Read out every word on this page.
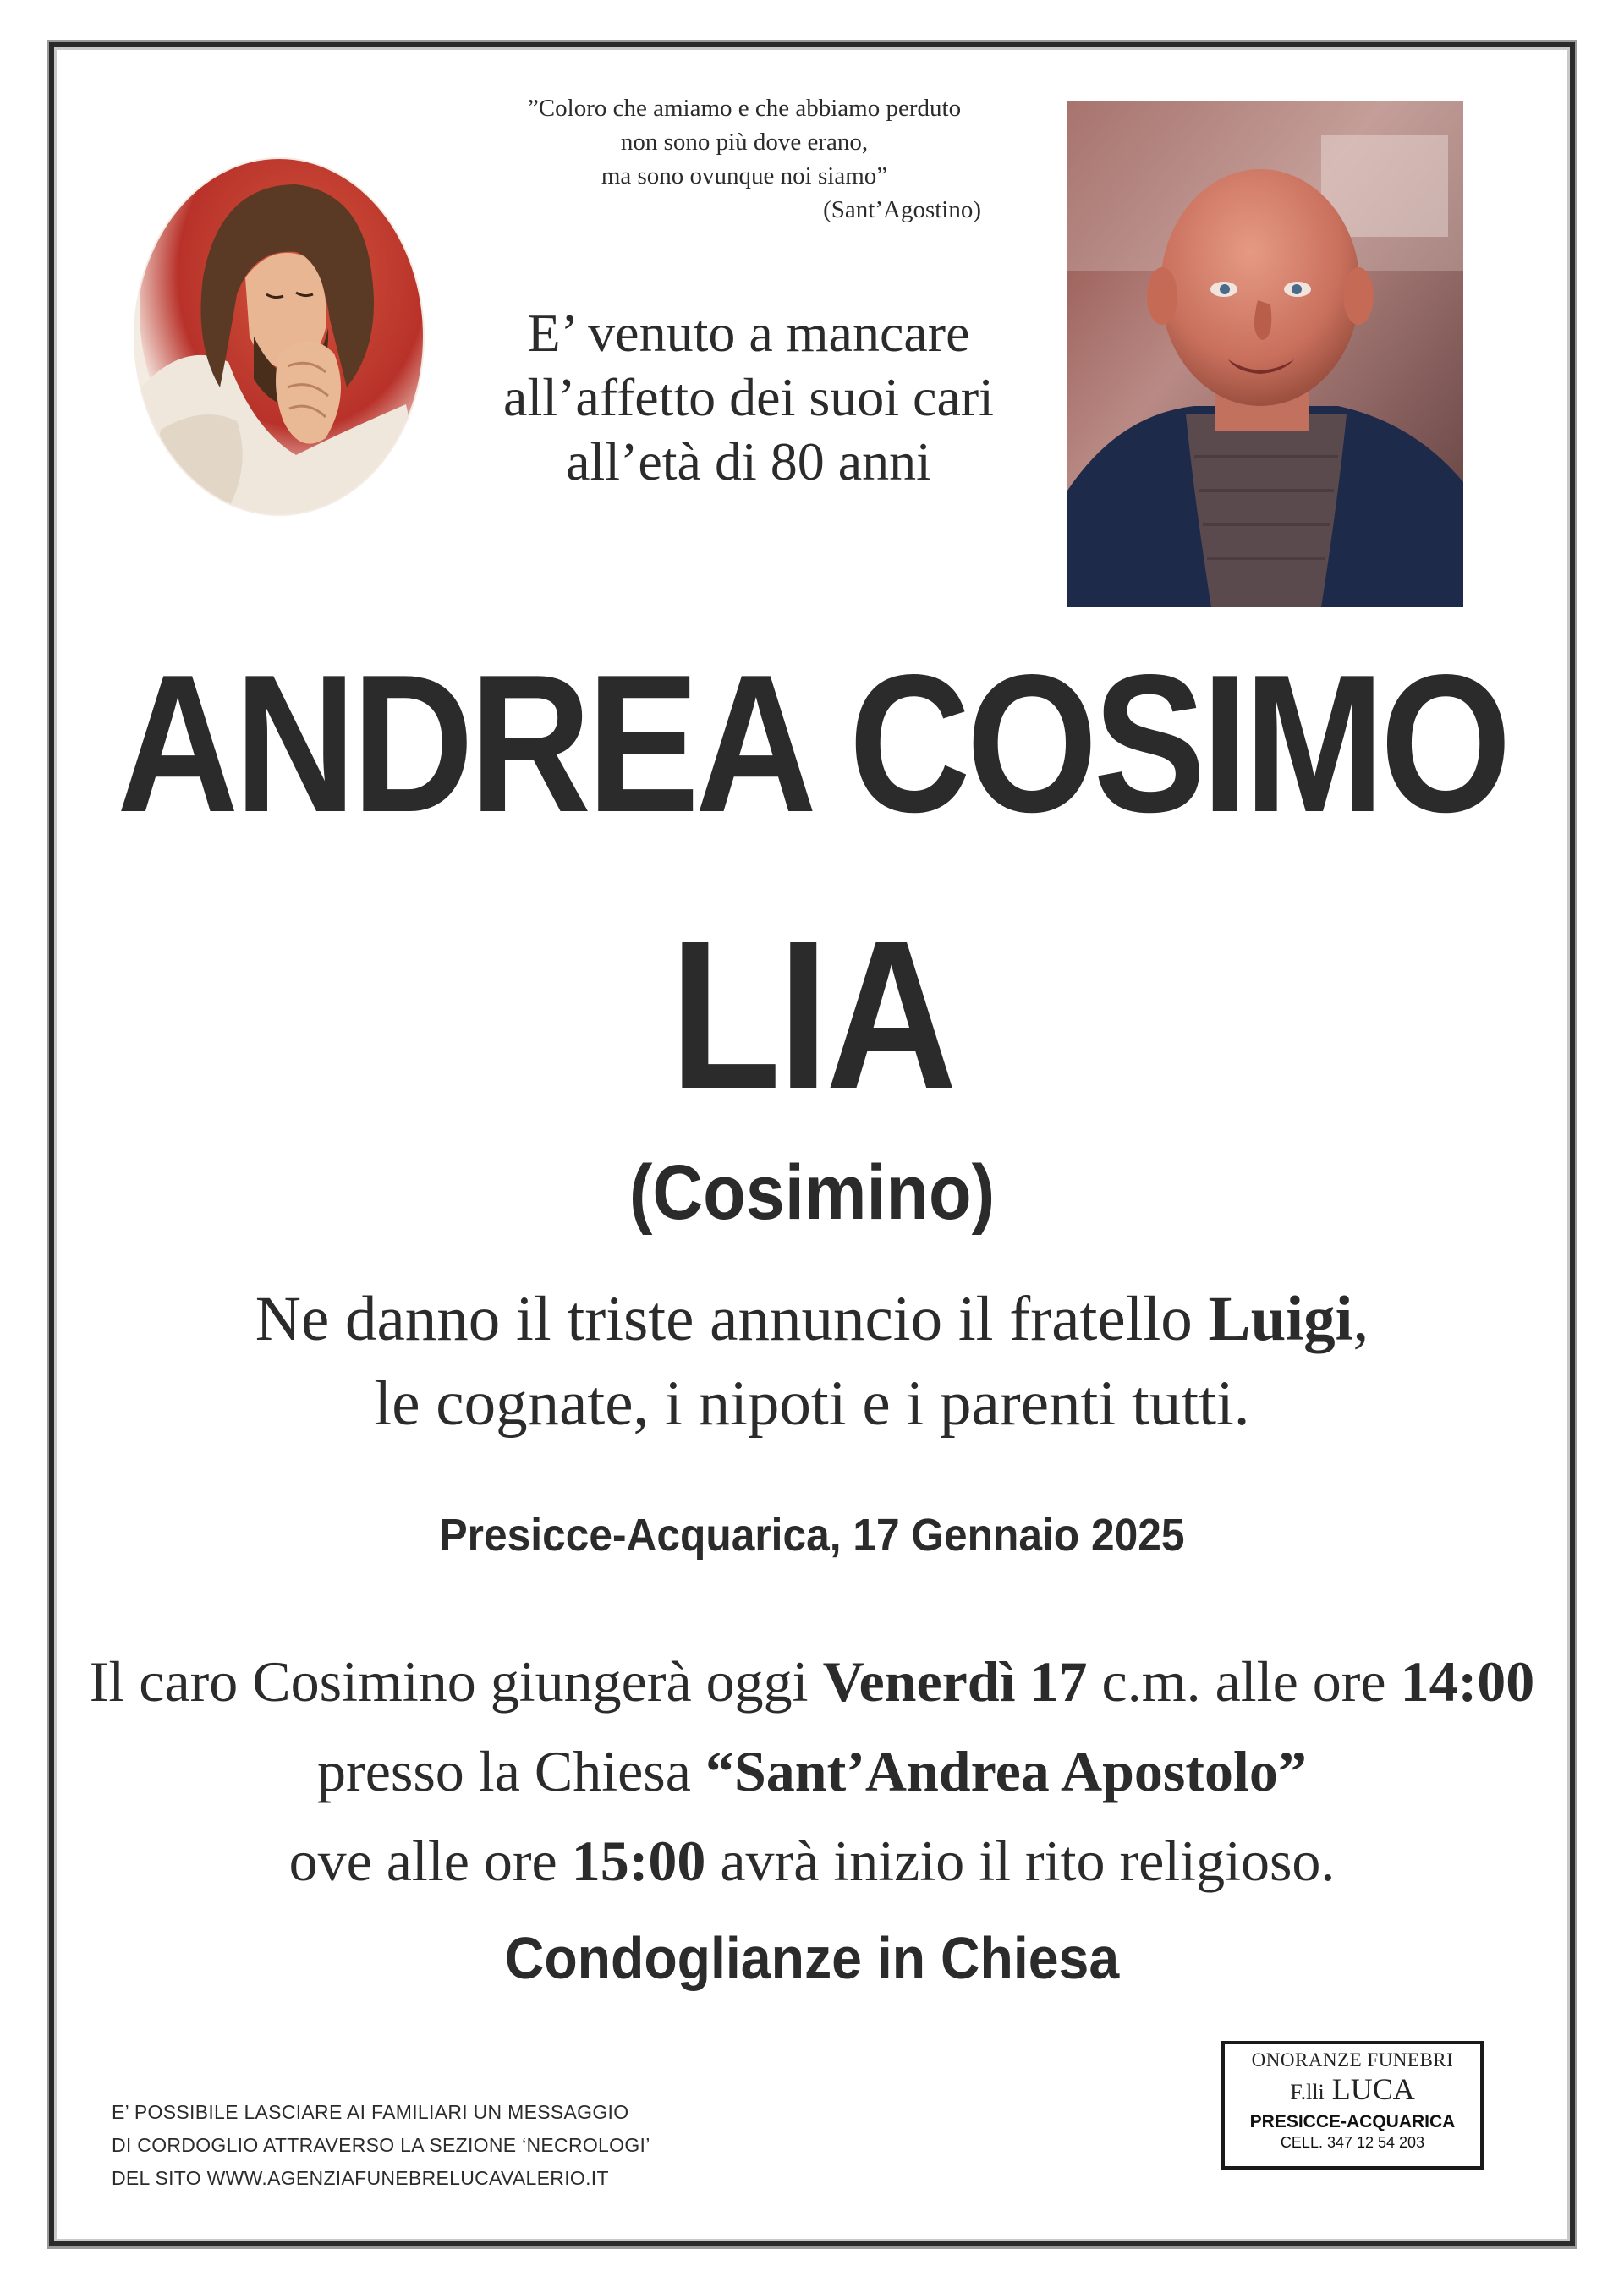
”Coloro che amiamo e che abbiamo perduto
non sono più dove erano,
ma sono ovunque noi siamo”
(Sant’Agostino)
E’ venuto a mancare
all’affetto dei suoi cari
all’età di 80 anni
ANDREA COSIMO
LIA
(Cosimino)
Ne danno il triste annuncio il fratello Luigi,
le cognate, i nipoti e i parenti tutti.
Presicce-Acquarica, 17 Gennaio 2025
Il caro Cosimino giungerà oggi Venerdì 17 c.m. alle ore 14:00
presso la Chiesa “Sant’Andrea Apostolo”
ove alle ore 15:00 avrà inizio il rito religioso.
Condoglianze in Chiesa
E’ POSSIBILE LASCIARE AI FAMILIARI UN MESSAGGIO
DI CORDOGLIO ATTRAVERSO LA SEZIONE ‘NECROLOGI’
DEL SITO WWW.AGENZIAFUNEBRELUCAVALERIO.IT
ONORANZE FUNEBRI
F.lli LUCA
PRESICCE-ACQUARICA
CELL. 347 12 54 203
